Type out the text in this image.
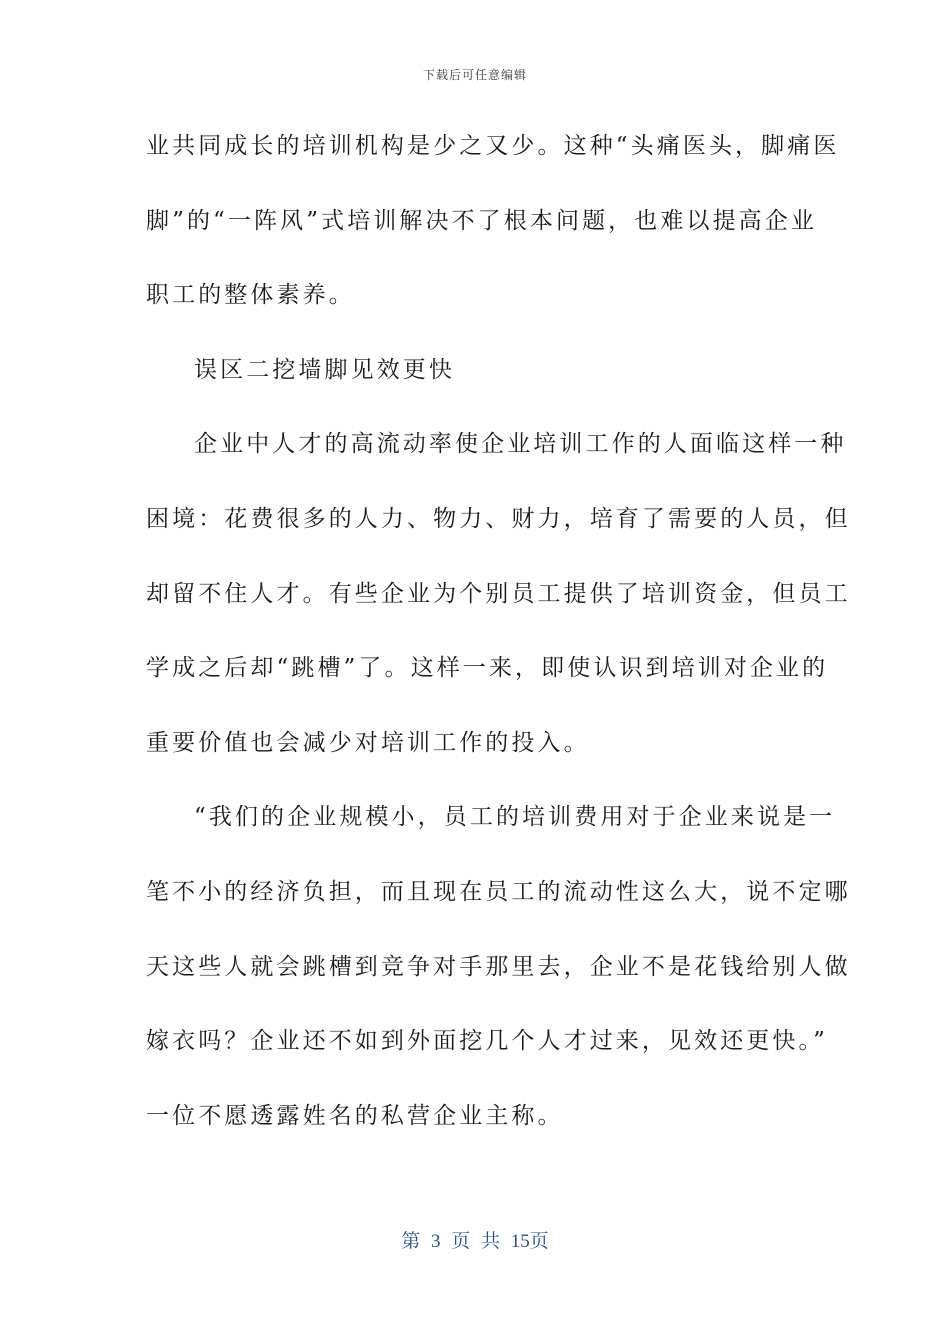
下载后可任意编辑
业共同成长的培训机构是少之又少。这种“头痛医头，脚痛医
脚”的“一阵风”式培训解决不了根本问题，也难以提高企业
职工的整体素养。
误区二挖墙脚见效更快
企业中人才的高流动率使企业培训工作的人面临这样一种
困境：花费很多的人力、物力、财力，培育了需要的人员，但
却留不住人才。有些企业为个别员工提供了培训资金，但员工
学成之后却“跳槽”了。这样一来，即使认识到培训对企业的
重要价值也会减少对培训工作的投入。
“我们的企业规模小，员工的培训费用对于企业来说是一
笔不小的经济负担，而且现在员工的流动性这么大，说不定哪
天这些人就会跳槽到竞争对手那里去，企业不是花钱给别人做
嫁衣吗？企业还不如到外面挖几个人才过来，见效还更快。”
一位不愿透露姓名的私营企业主称。
第 3 页 共 15页
